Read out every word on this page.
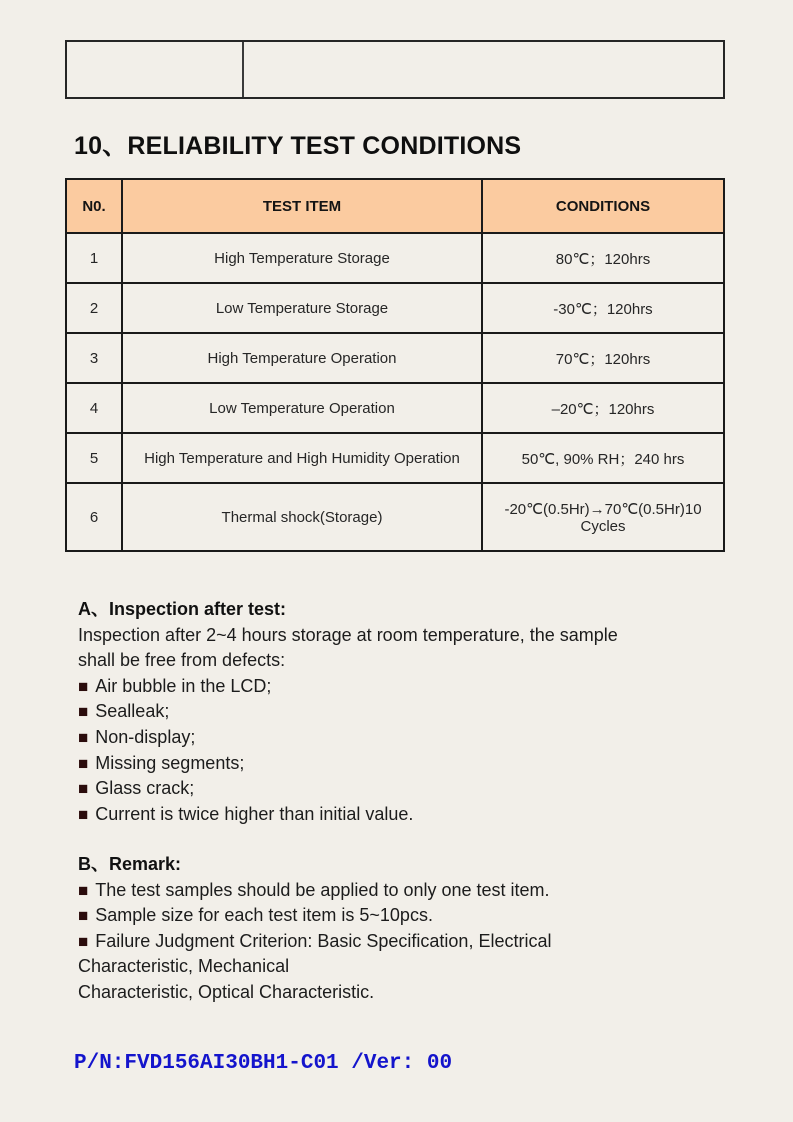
10、RELIABILITY TEST CONDITIONS
N0.	TEST ITEM	CONDITIONS
1	High Temperature Storage	80℃；120hrs
2	Low Temperature Storage	-30℃；120hrs
3	High Temperature Operation	70℃；120hrs
4	Low Temperature Operation	–20℃；120hrs
5	High Temperature and High Humidity Operation	50℃, 90% RH；240 hrs
6	Thermal shock(Storage)	-20℃(0.5Hr)→70℃(0.5Hr)10 Cycles
A、Inspection after test:
Inspection after 2~4 hours storage at room temperature, the sample
shall be free from defects:
■ Air bubble in the LCD;
■ Sealleak;
■ Non-display;
■ Missing segments;
■ Glass crack;
■ Current is twice higher than initial value.
B、Remark:
■ The test samples should be applied to only one test item.
■ Sample size for each test item is 5~10pcs.
■ Failure Judgment Criterion: Basic Specification, Electrical
Characteristic, Mechanical
Characteristic, Optical Characteristic.
P/N:FVD156AI30BH1-C01 /Ver: 00
